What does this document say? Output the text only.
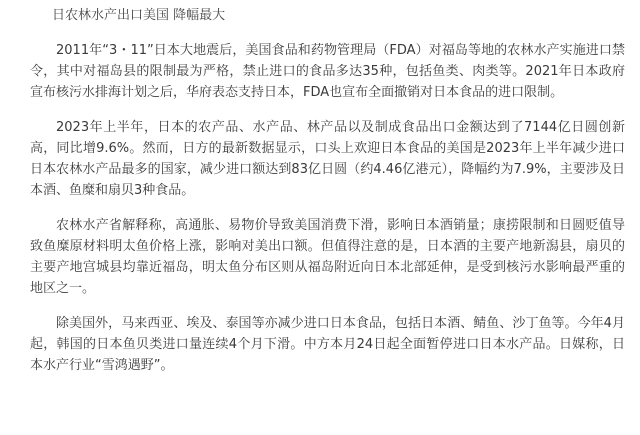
日农林水产出口美国 降幅最大

2011年“3・11”日本大地震后，美国食品和药物管理局（FDA）对福岛等地的农林水产实施进口禁令，其中对福岛县的限制最为严格，禁止进口的食品多达35种，包括鱼类、肉类等。2021年日本政府宣布核污水排海计划之后，华府表态支持日本，FDA也宣布全面撤销对日本食品的进口限制。

2023年上半年，日本的农产品、水产品、林产品以及制成食品出口金额达到了7144亿日圆创新高，同比增9.6%。然而，日方的最新数据显示，口头上欢迎日本食品的美国是2023年上半年减少进口日本农林水产品最多的国家，减少进口额达到83亿日圆（约4.46亿港元），降幅约为7.9%，主要涉及日本酒、鱼糜和扇贝3种食品。

农林水产省解释称，高通胀、易物价导致美国消费下滑，影响日本酒销量；康捞限制和日圆贬值导致鱼糜原材料明太鱼价格上涨，影响对美出口额。但值得注意的是，日本酒的主要产地新潟县，扇贝的主要产地宫城县均靠近福岛，明太鱼分布区则从福岛附近向日本北部延伸，是受到核污水影响最严重的地区之一。

除美国外，马来西亚、埃及、泰国等亦减少进口日本食品，包括日本酒、鲭鱼、沙丁鱼等。今年4月起，韩国的日本鱼贝类进口量连续4个月下滑。中方本月24日起全面暂停进口日本水产品。日媒称，日本水产行业“雪鸿遇野”。
